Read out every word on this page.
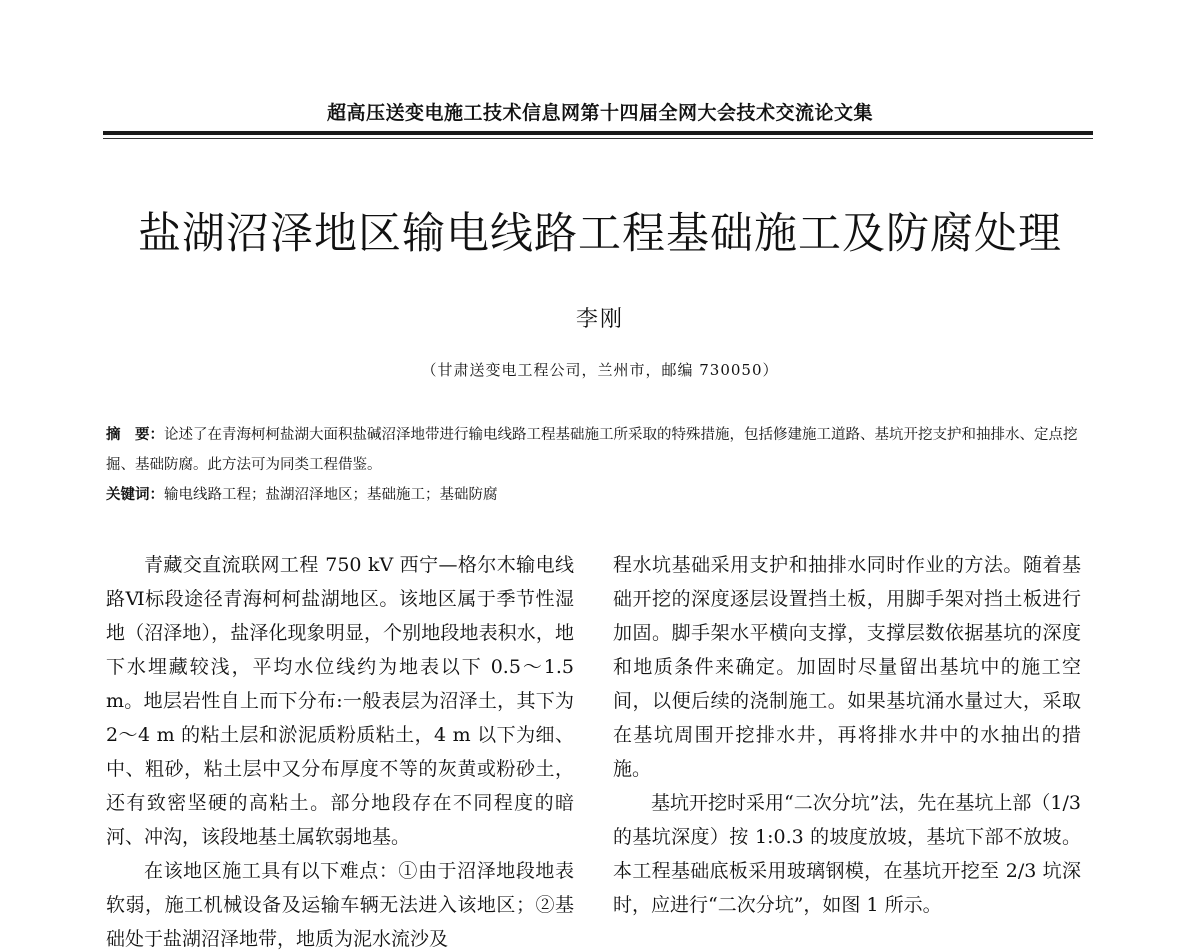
超高压送变电施工技术信息网第十四届全网大会技术交流论文集
盐湖沼泽地区输电线路工程基础施工及防腐处理
李刚
（甘肃送变电工程公司，兰州市，邮编 730050）
摘　要：论述了在青海柯柯盐湖大面积盐碱沼泽地带进行输电线路工程基础施工所采取的特殊措施，包括修建施工道路、基坑开挖支护和抽排水、定点挖掘、基础防腐。此方法可为同类工程借鉴。
关键词：输电线路工程；盐湖沼泽地区；基础施工；基础防腐

青藏交直流联网工程 750 kV 西宁—格尔木输电线路Ⅵ标段途径青海柯柯盐湖地区。该地区属于季节性湿地（沼泽地），盐泽化现象明显，个别地段地表积水，地下水埋藏较浅，平均水位线约为地表以下 0.5～1.5 m。地层岩性自上而下分布:一般表层为沼泽土，其下为 2～4 m 的粘土层和淤泥质粉质粘土，4 m 以下为细、中、粗砂，粘土层中又分布厚度不等的灰黄或粉砂土，还有致密坚硬的高粘土。部分地段存在不同程度的暗河、冲沟，该段地基土属软弱地基。

在该地区施工具有以下难点：①由于沼泽地段地表软弱，施工机械设备及运输车辆无法进入该地区；②基础处于盐湖沼泽地带，地质为泥水流沙及

程水坑基础采用支护和抽排水同时作业的方法。随着基础开挖的深度逐层设置挡土板，用脚手架对挡土板进行加固。脚手架水平横向支撑，支撑层数依据基坑的深度和地质条件来确定。加固时尽量留出基坑中的施工空间，以便后续的浇制施工。如果基坑涌水量过大，采取在基坑周围开挖排水井，再将排水井中的水抽出的措施。

基坑开挖时采用“二次分坑”法，先在基坑上部（1/3 的基坑深度）按 1:0.3 的坡度放坡，基坑下部不放坡。本工程基础底板采用玻璃钢模，在基坑开挖至 2/3 坑深时，应进行“二次分坑”，如图 1 所示。
